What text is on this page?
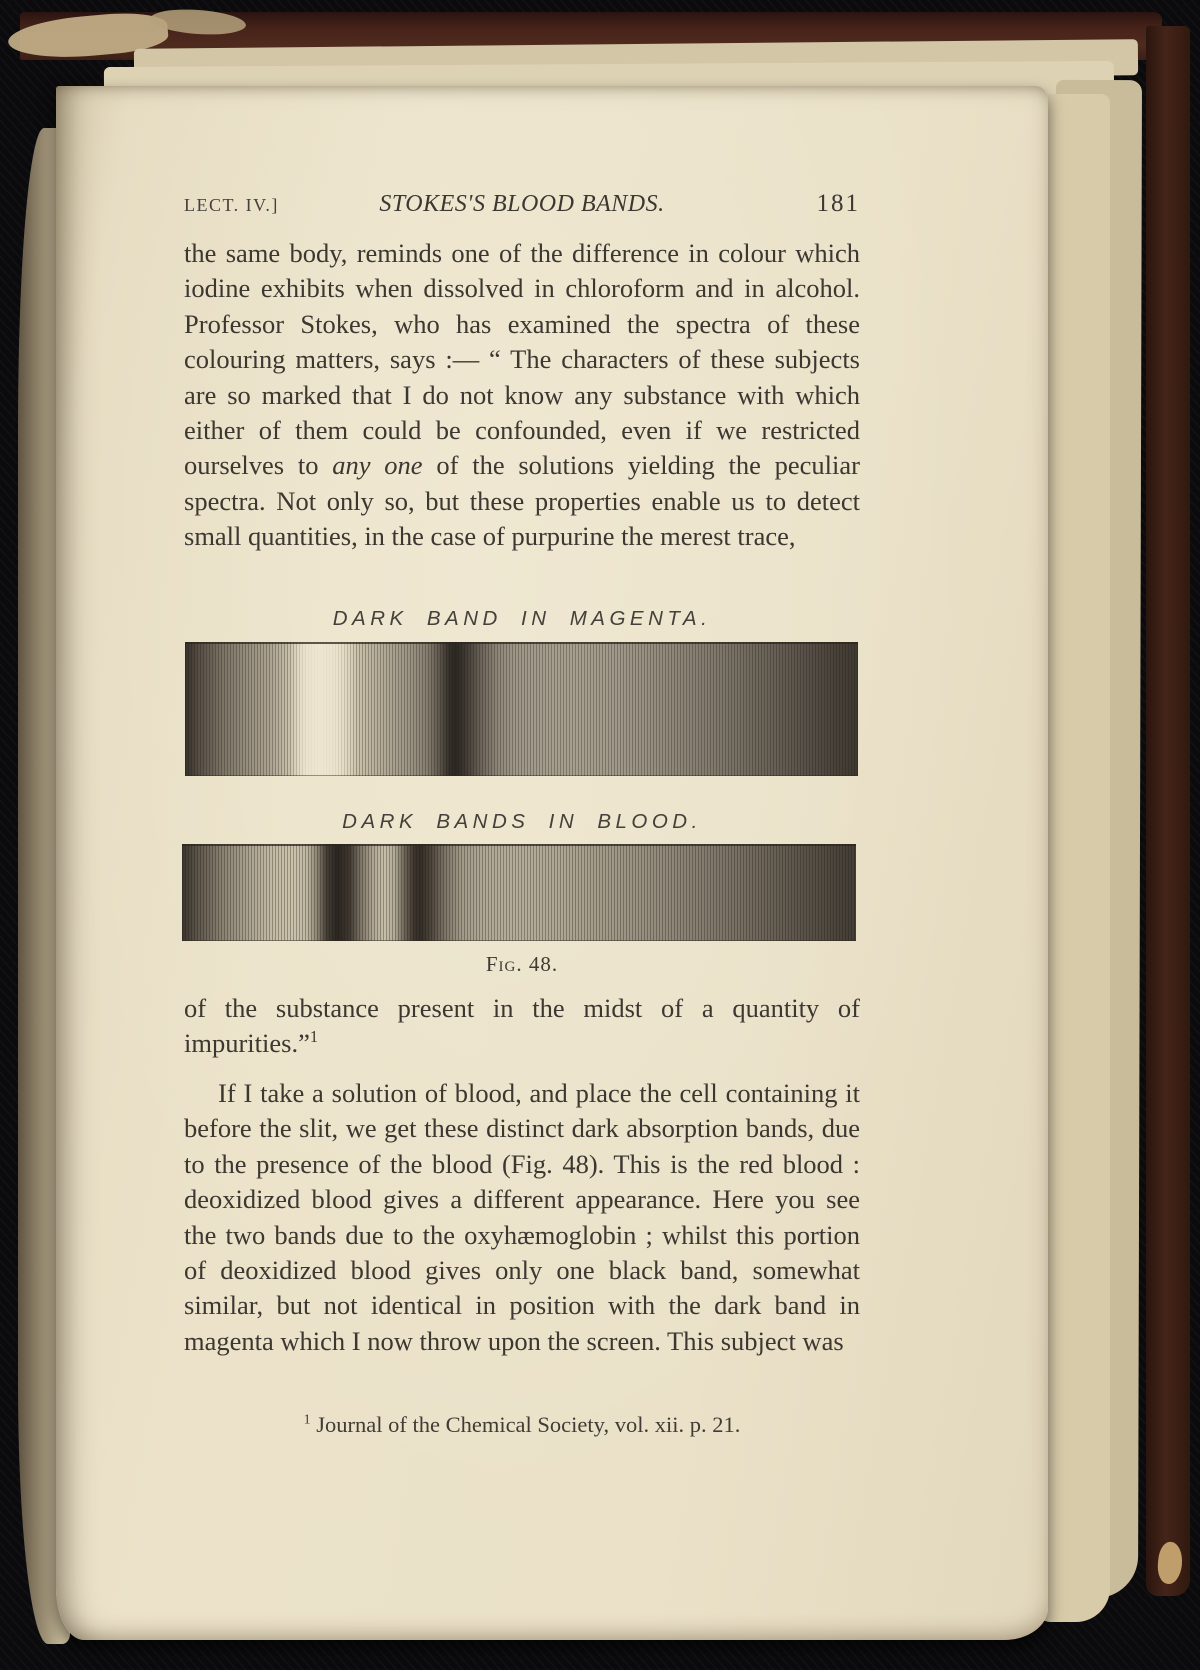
LECT. IV.]	STOKES'S BLOOD BANDS.	181
the same body, reminds one of the difference in colour which iodine exhibits when dissolved in chloroform and in alcohol. Professor Stokes, who has examined the spectra of these colouring matters, says :— “ The characters of these subjects are so marked that I do not know any substance with which either of them could be confounded, even if we restricted ourselves to any one of the solutions yielding the peculiar spectra. Not only so, but these properties enable us to detect small quantities, in the case of purpurine the merest trace,
DARK BAND IN MAGENTA.
DARK BANDS IN BLOOD.
Fig. 48.
of the substance present in the midst of a quantity of impurities.”$^1$
If I take a solution of blood, and place the cell containing it before the slit, we get these distinct dark absorption bands, due to the presence of the blood (Fig. 48). This is the red blood : deoxidized blood gives a different appearance. Here you see the two bands due to the oxyhæmoglobin ; whilst this portion of deoxidized blood gives only one black band, somewhat similar, but not identical in position with the dark band in magenta which I now throw upon the screen. This subject was
$^1$ Journal of the Chemical Society, vol. xii. p. 21.
